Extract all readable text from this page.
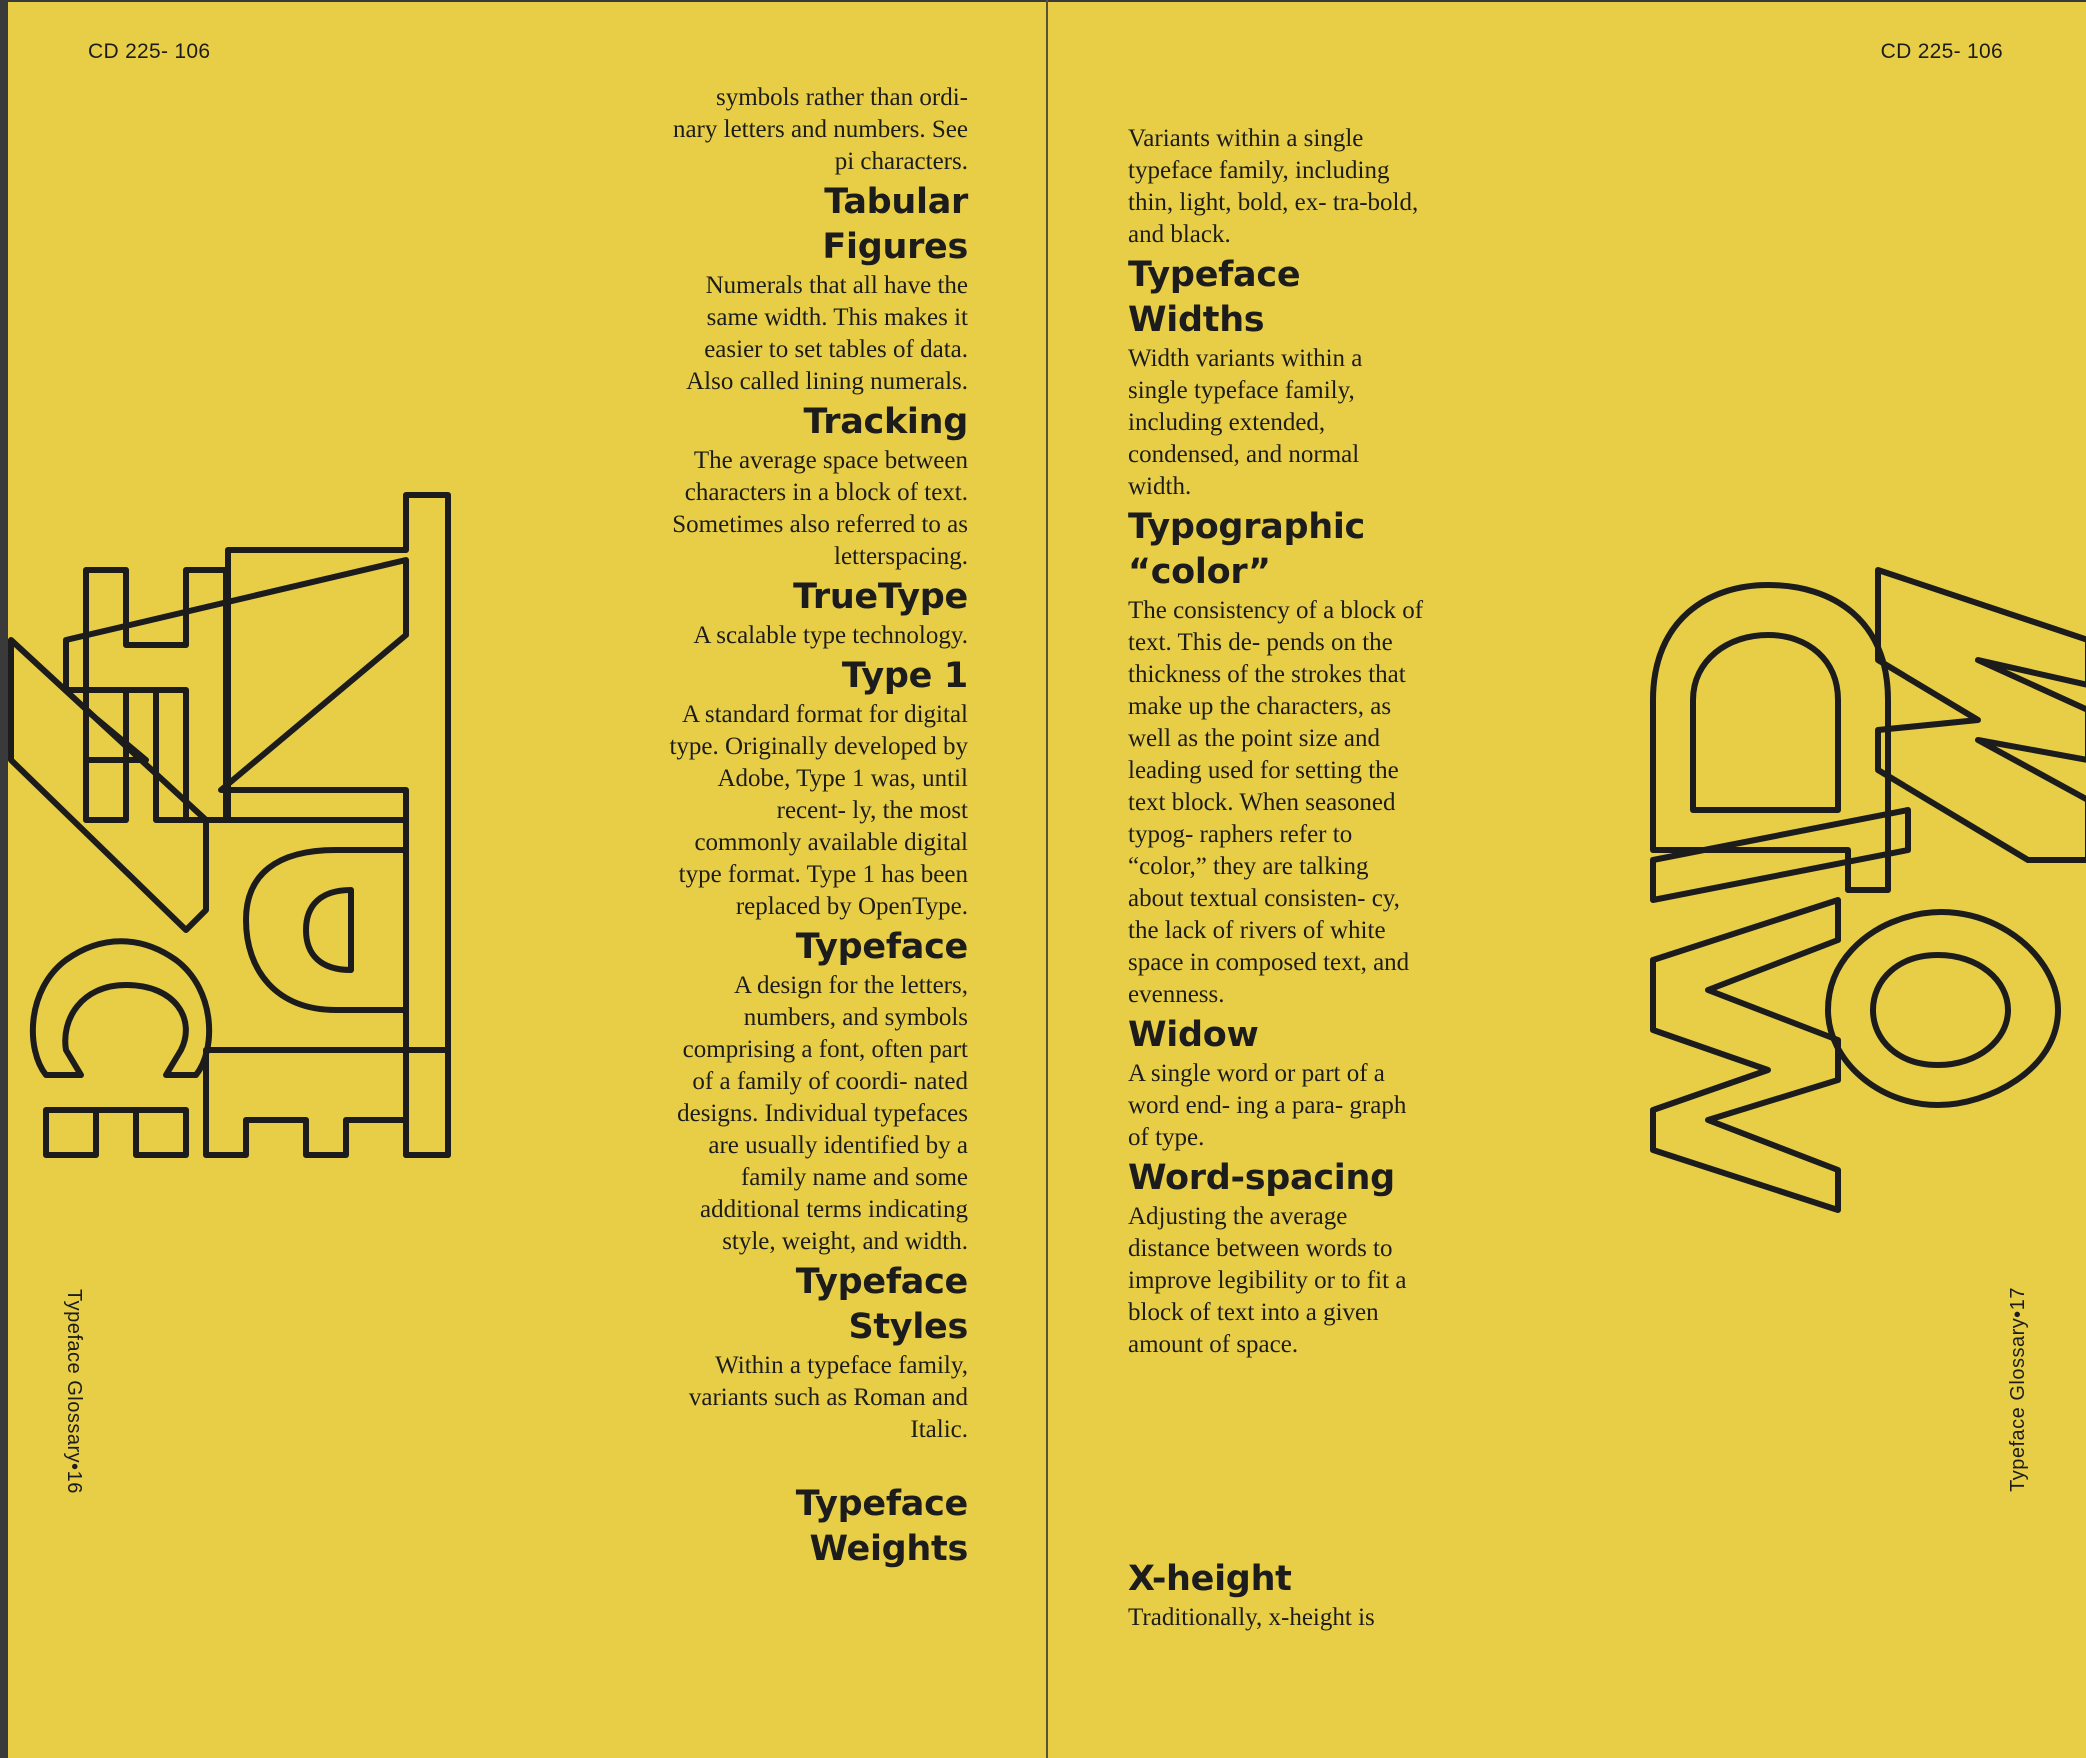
CD 225- 106	CD 225- 106

symbols rather than ordi- nary letters and numbers. See pi characters.

Tabular Figures

Numerals that all have the same width. This makes it easier to set tables of data. Also called lining numerals.

Tracking

The average space between characters in a block of text. Sometimes also referred to as letterspacing.

TrueType

A scalable type technology.

Type 1

A standard format for digital type. Originally developed by Adobe, Type 1 was, until recent- ly, the most commonly available digital type format. Type 1 has been replaced by OpenType.

Typeface

A design for the letters, numbers, and symbols comprising a font, often part of a family of coordi- nated designs. Individual typefaces are usually identified by a family name and some additional terms indicating style, weight, and width.

Typeface Styles

Within a typeface family, variants such as Roman and Italic.

Typeface Weights

Variants within a single typeface family, including thin, light, bold, ex- tra-bold, and black.

Typeface Widths

Width variants within a single typeface family, including extended, condensed, and normal width.

Typographic “color”

The consistency of a block of text. This de- pends on the thickness of the strokes that make up the characters, as well as the point size and leading used for setting the text block. When seasoned typog- raphers refer to “color,” they are talking about textual consisten- cy, the lack of rivers of white space in composed text, and evenness.

Widow

A single word or part of a word end- ing a para- graph of type.

Word-spacing

Adjusting the average distance between words to improve legibility or to fit a block of text into a given amount of space.

X-height

Traditionally, x-height is

Typeface Glossary•16	Typeface Glossary•17
